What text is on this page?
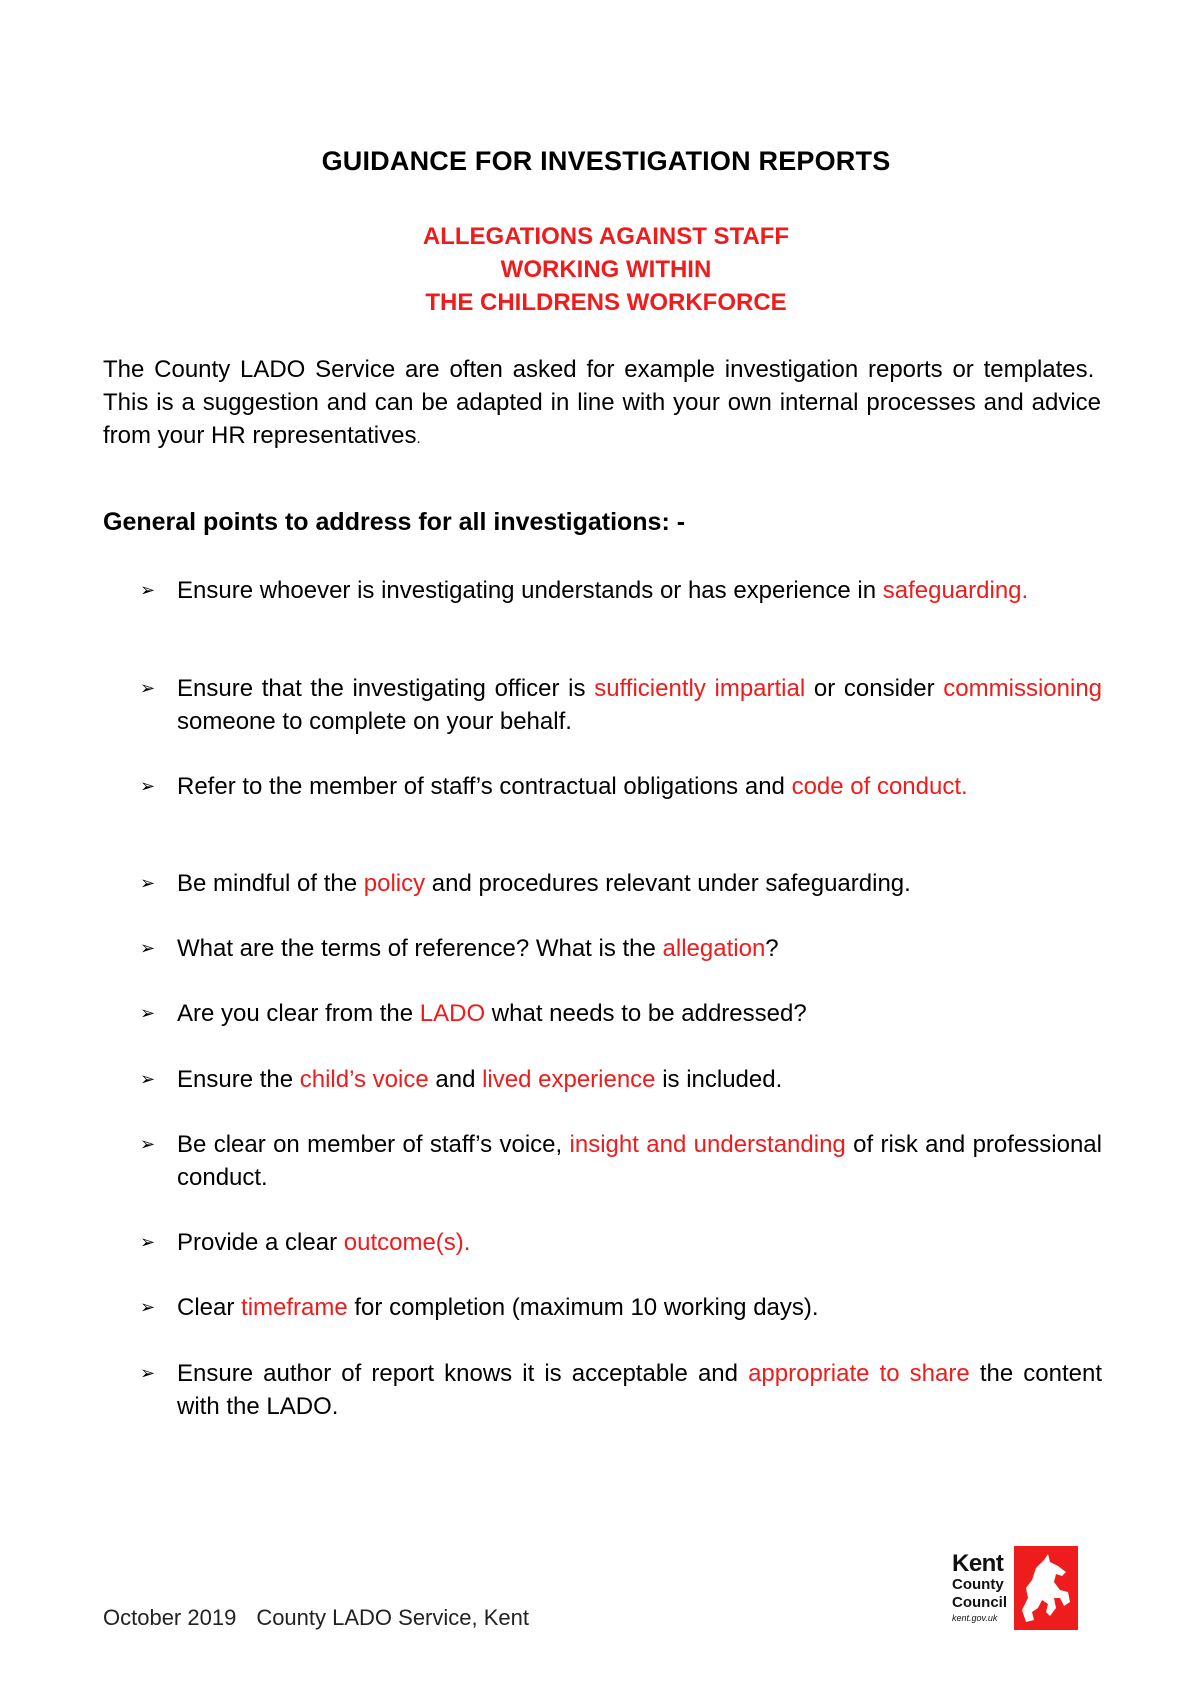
GUIDANCE FOR INVESTIGATION REPORTS
ALLEGATIONS AGAINST STAFF
WORKING WITHIN
THE CHILDRENS WORKFORCE
The County LADO Service are often asked for example investigation reports or templates.  This is a suggestion and can be adapted in line with your own internal processes and advice from your HR representatives.
General points to address for all investigations: -
➢ Ensure whoever is investigating understands or has experience in safeguarding.
➢ Ensure that the investigating officer is sufficiently impartial or consider commissioning someone to complete on your behalf.
➢ Refer to the member of staff’s contractual obligations and code of conduct.
➢ Be mindful of the policy and procedures relevant under safeguarding.
➢ What are the terms of reference? What is the allegation?
➢ Are you clear from the LADO what needs to be addressed?
➢ Ensure the child’s voice and lived experience is included.
➢ Be clear on member of staff’s voice, insight and understanding of risk and professional conduct.
➢ Provide a clear outcome(s).
➢ Clear timeframe for completion (maximum 10 working days).
➢ Ensure author of report knows it is acceptable and appropriate to share the content with the LADO.
October 2019 County LADO Service, Kent
Kent
County
Council
kent.gov.uk
